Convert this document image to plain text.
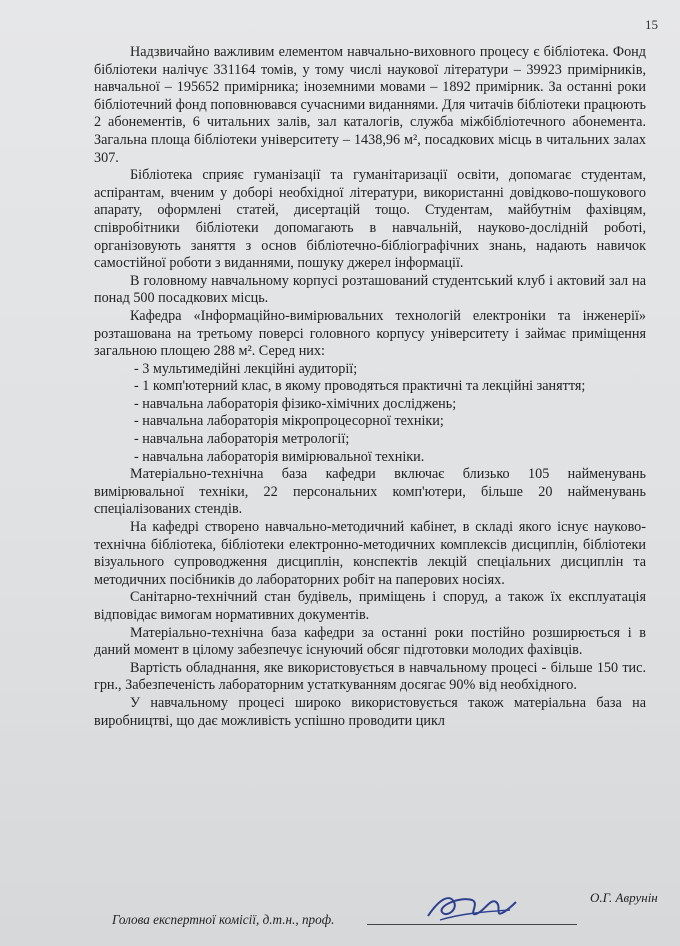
15

Надзвичайно важливим елементом навчально-виховного процесу є бібліотека. Фонд бібліотеки налічує 331164 томів, у тому числі наукової літератури – 39923 примірників, навчальної – 195652 примірника; іноземними мовами – 1892 примірник. За останні роки бібліотечний фонд поповнювався сучасними виданнями. Для читачів бібліотеки працюють 2 абонементів, 6 читальних залів, зал каталогів, служба міжбібліотечного абонемента. Загальна площа бібліотеки університету – 1438,96 м², посадкових місць в читальних залах 307.

Бібліотека сприяє гуманізації та гуманітаризації освіти, допомагає студентам, аспірантам, вченим у доборі необхідної літератури, використанні довідково-пошукового апарату, оформлені статей, дисертацій тощо. Студентам, майбутнім фахівцям, співробітники бібліотеки допомагають в навчальній, науково-дослідній роботі, організовують заняття з основ бібліотечно-бібліографічних знань, надають навичок самостійної роботи з виданнями, пошуку джерел інформації.

В головному навчальному корпусі розташований студентський клуб і актовий зал на понад 500 посадкових місць.

Кафедра «Інформаційно-вимірювальних технологій електроніки та інженерії» розташована на третьому поверсі головного корпусу університету і займає приміщення загальною площею 288 м². Серед них:

- 3 мультимедійні лекційні аудиторії;

- 1 комп'ютерний клас, в якому проводяться практичні та лекційні заняття;

- навчальна лабораторія фізико-хімічних досліджень;

- навчальна лабораторія мікропроцесорної техніки;

- навчальна лабораторія метрології;

- навчальна лабораторія вимірювальної техніки.

Матеріально-технічна база кафедри включає близько 105 найменувань вимірювальної техніки, 22 персональних комп'ютери, більше 20 найменувань спеціалізованих стендів.

На кафедрі створено навчально-методичний кабінет, в складі якого існує науково-технічна бібліотека, бібліотеки електронно-методичних комплексів дисциплін, бібліотеки візуального супроводження дисциплін, конспектів лекцій спеціальних дисциплін та методичних посібників до лабораторних робіт на паперових носіях.

Санітарно-технічний стан будівель, приміщень і споруд, а також їх експлуатація відповідає вимогам нормативних документів.

Матеріально-технічна база кафедри за останні роки постійно розширюється і в даний момент в цілому забезпечує існуючий обсяг підготовки молодих фахівців.

Вартість обладнання, яке використовується в навчальному процесі - більше 150 тис. грн., Забезпеченість лабораторним устаткуванням досягає 90% від необхідного.

У навчальному процесі широко використовується також матеріальна база на виробництві, що дає можливість успішно проводити цикл

Голова експертної комісії, д.т.н., проф.
О.Г. Аврунін
